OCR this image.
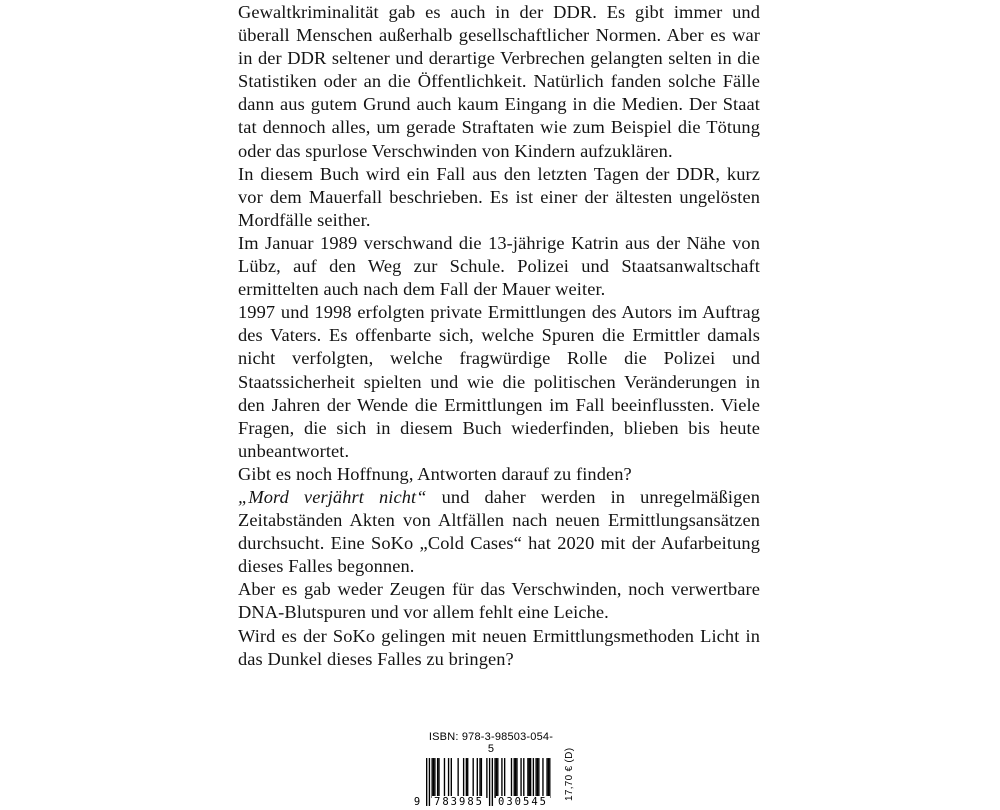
Gewaltkriminalität gab es auch in der DDR. Es gibt immer und überall Menschen außerhalb gesellschaftlicher Normen. Aber es war in der DDR seltener und derartige Verbrechen gelangten selten in die Statistiken oder an die Öffentlichkeit. Natürlich fanden solche Fälle dann aus gutem Grund auch kaum Eingang in die Medien. Der Staat tat dennoch alles, um gerade Straftaten wie zum Beispiel die Tötung oder das spurlose Verschwinden von Kindern aufzuklären.

In diesem Buch wird ein Fall aus den letzten Tagen der DDR, kurz vor dem Mauerfall beschrieben. Es ist einer der ältesten ungelösten Mordfälle seither.

Im Januar 1989 verschwand die 13-jährige Katrin aus der Nähe von Lübz, auf den Weg zur Schule. Polizei und Staatsanwaltschaft ermittelten auch nach dem Fall der Mauer weiter.

1997 und 1998 erfolgten private Ermittlungen des Autors im Auftrag des Vaters. Es offenbarte sich, welche Spuren die Ermittler damals nicht verfolgten, welche fragwürdige Rolle die Polizei und Staatssicherheit spielten und wie die politischen Veränderungen in den Jahren der Wende die Ermittlungen im Fall beeinflussten. Viele Fragen, die sich in diesem Buch wiederfinden, blieben bis heute unbeantwortet.

Gibt es noch Hoffnung, Antworten darauf zu finden?

„Mord verjährt nicht“ und daher werden in unregelmäßigen Zeitabständen Akten von Altfällen nach neuen Ermittlungsansätzen durchsucht. Eine SoKo „Cold Cases“ hat 2020 mit der Aufarbeitung dieses Falles begonnen.

Aber es gab weder Zeugen für das Verschwinden, noch verwertbare DNA-Blutspuren und vor allem fehlt eine Leiche.

Wird es der SoKo gelingen mit neuen Ermittlungsmethoden Licht in das Dunkel dieses Falles zu bringen?

ISBN: 978-3-98503-054-5
9 783985 030545
17,70 € (D)
